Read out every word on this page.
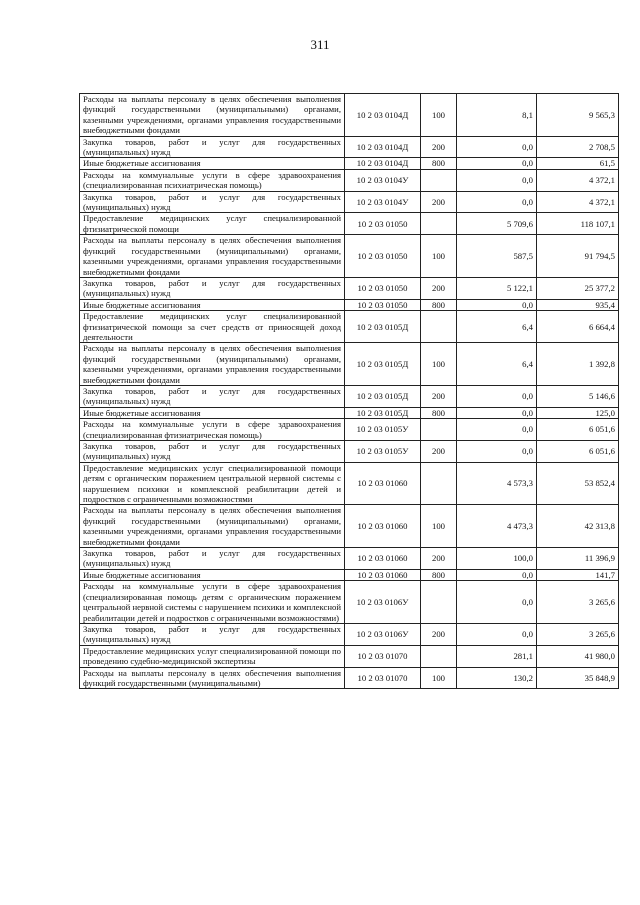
311
Расходы на выплаты персоналу в целях обеспечения выполнения функций государственными (муниципальными) органами, казенными учреждениями, органами управления государственными внебюджетными фондами	10 2 03 0104Д	100	8,1	9 565,3
Закупка товаров, работ и услуг для государственных (муниципальных) нужд	10 2 03 0104Д	200	0,0	2 708,5
Иные бюджетные ассигнования	10 2 03 0104Д	800	0,0	61,5
Расходы на коммунальные услуги в сфере здравоохранения (специализированная психиатрическая помощь)	10 2 03 0104У		0,0	4 372,1
Закупка товаров, работ и услуг для государственных (муниципальных) нужд	10 2 03 0104У	200	0,0	4 372,1
Предоставление медицинских услуг специализированной фтизиатрической помощи	10 2 03 01050		5 709,6	118 107,1
Расходы на выплаты персоналу в целях обеспечения выполнения функций государственными (муниципальными) органами, казенными учреждениями, органами управления государственными внебюджетными фондами	10 2 03 01050	100	587,5	91 794,5
Закупка товаров, работ и услуг для государственных (муниципальных) нужд	10 2 03 01050	200	5 122,1	25 377,2
Иные бюджетные ассигнования	10 2 03 01050	800	0,0	935,4
Предоставление медицинских услуг специализированной фтизиатрической помощи за счет средств от приносящей доход деятельности	10 2 03 0105Д		6,4	6 664,4
Расходы на выплаты персоналу в целях обеспечения выполнения функций государственными (муниципальными) органами, казенными учреждениями, органами управления государственными внебюджетными фондами	10 2 03 0105Д	100	6,4	1 392,8
Закупка товаров, работ и услуг для государственных (муниципальных) нужд	10 2 03 0105Д	200	0,0	5 146,6
Иные бюджетные ассигнования	10 2 03 0105Д	800	0,0	125,0
Расходы на коммунальные услуги в сфере здравоохранения (специализированная фтизиатрическая помощь)	10 2 03 0105У		0,0	6 051,6
Закупка товаров, работ и услуг для государственных (муниципальных) нужд	10 2 03 0105У	200	0,0	6 051,6
Предоставление медицинских услуг специализированной помощи детям с органическим поражением центральной нервной системы с нарушением психики и комплексной реабилитации детей и подростков с ограниченными возможностями	10 2 03 01060		4 573,3	53 852,4
Расходы на выплаты персоналу в целях обеспечения выполнения функций государственными (муниципальными) органами, казенными учреждениями, органами управления государственными внебюджетными фондами	10 2 03 01060	100	4 473,3	42 313,8
Закупка товаров, работ и услуг для государственных (муниципальных) нужд	10 2 03 01060	200	100,0	11 396,9
Иные бюджетные ассигнования	10 2 03 01060	800	0,0	141,7
Расходы на коммунальные услуги в сфере здравоохранения (специализированная помощь детям с органическим поражением центральной нервной системы с нарушением психики и комплексной реабилитации детей и подростков с ограниченными возможностями)	10 2 03 0106У		0,0	3 265,6
Закупка товаров, работ и услуг для государственных (муниципальных) нужд	10 2 03 0106У	200	0,0	3 265,6
Предоставление медицинских услуг специализированной помощи по проведению судебно-медицинской экспертизы	10 2 03 01070		281,1	41 980,0
Расходы на выплаты персоналу в целях обеспечения выполнения функций государственными (муниципальными)	10 2 03 01070	100	130,2	35 848,9
